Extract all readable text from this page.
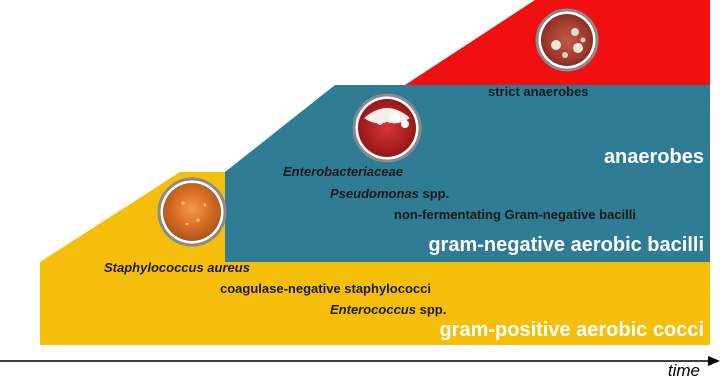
strict anaerobes
anaerobes
Enterobacteriaceae
Pseudomonas spp.
non-fermentating Gram-negative bacilli
gram-negative aerobic bacilli
Staphylococcus aureus
coagulase-negative staphylococci
Enterococcus spp.
gram-positive aerobic cocci
time
